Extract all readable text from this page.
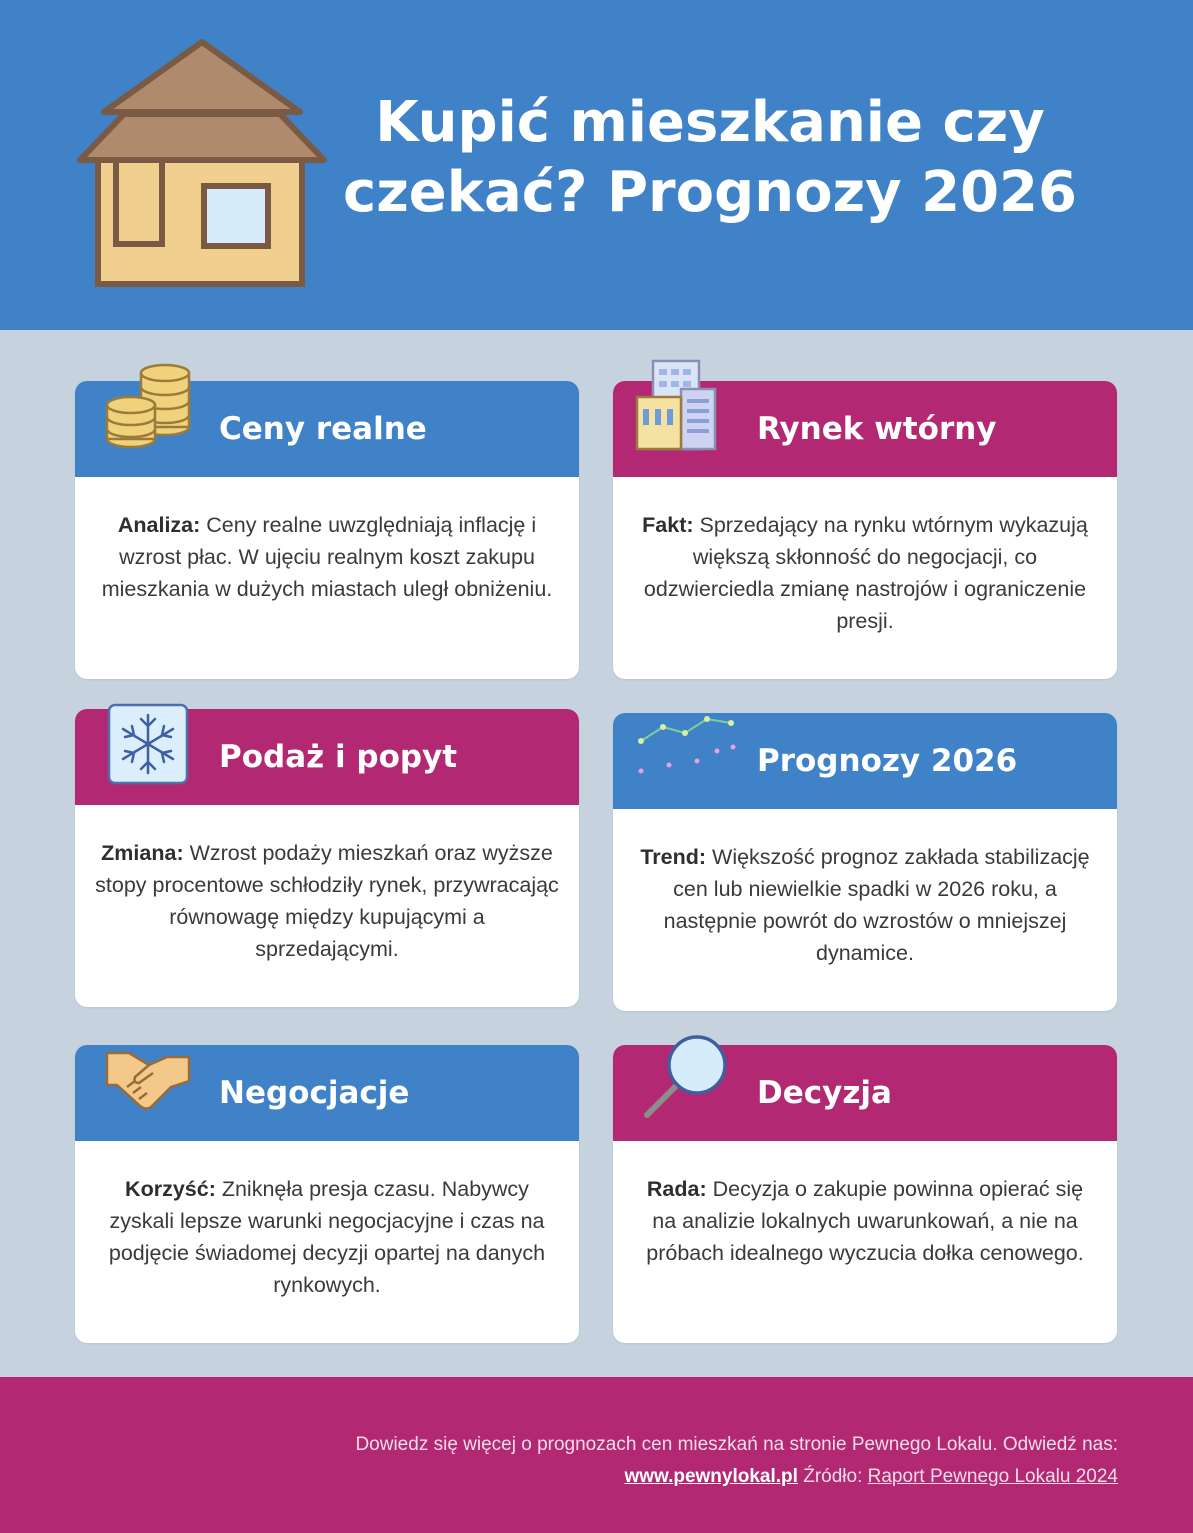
Kupić mieszkanie czy
czekać? Prognozy 2026
Ceny realne

Analiza: Ceny realne uwzględniają inflację i wzrost płac. W ujęciu realnym koszt zakupu mieszkania w dużych miastach uległ obniżeniu.

Rynek wtórny

Fakt: Sprzedający na rynku wtórnym wykazują większą skłonność do negocjacji, co odzwierciedla zmianę nastrojów i ograniczenie presji.

Podaż i popyt

Zmiana: Wzrost podaży mieszkań oraz wyższe stopy procentowe schłodziły rynek, przywracając równowagę między kupującymi a sprzedającymi.

Prognozy 2026

Trend: Większość prognoz zakłada stabilizację cen lub niewielkie spadki w 2026 roku, a następnie powrót do wzrostów o mniejszej dynamice.

Negocjacje

Korzyść: Zniknęła presja czasu. Nabywcy zyskali lepsze warunki negocjacyjne i czas na podjęcie świadomej decyzji opartej na danych rynkowych.

Decyzja

Rada: Decyzja o zakupie powinna opierać się na analizie lokalnych uwarunkowań, a nie na próbach idealnego wyczucia dołka cenowego.

Dowiedz się więcej o prognozach cen mieszkań na stronie Pewnego Lokalu. Odwiedź nas:
www.pewnylokal.pl Źródło: Raport Pewnego Lokalu 2024
